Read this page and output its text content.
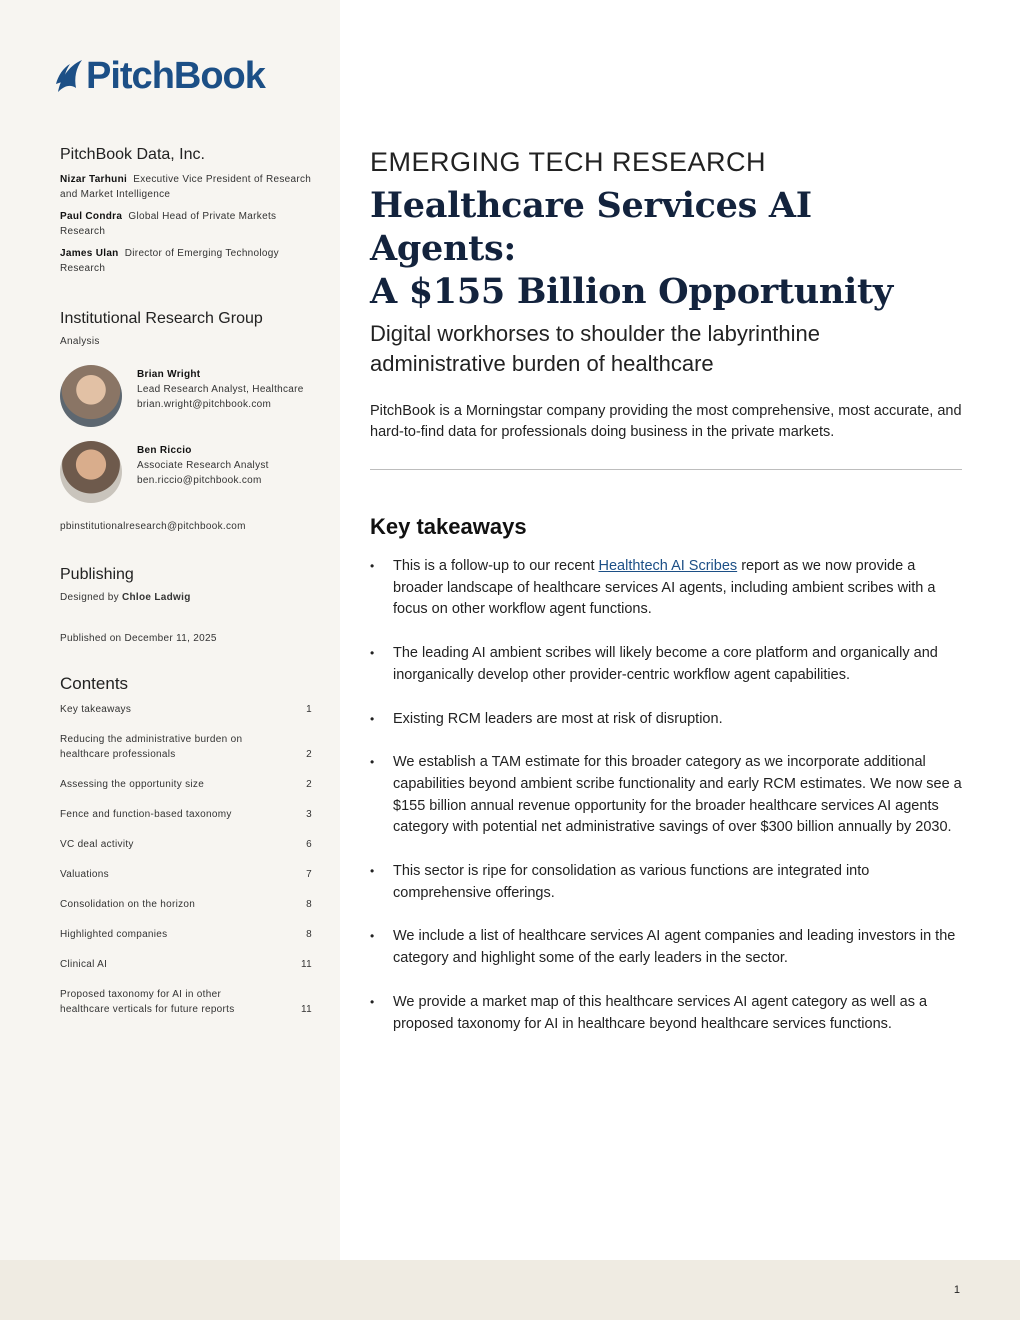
1
PitchBook
PitchBook Data, Inc.
Nizar Tarhuni Executive Vice President of Research and Market Intelligence
Paul Condra Global Head of Private Markets Research
James Ulan Director of Emerging Technology Research
Institutional Research Group
Analysis
Brian Wright
Lead Research Analyst, Healthcare
brian.wright@pitchbook.com
Ben Riccio
Associate Research Analyst
ben.riccio@pitchbook.com
pbinstitutionalresearch@pitchbook.com
Publishing
Designed by Chloe Ladwig
Published on December 11, 2025
Contents
Key takeaways	1
Reducing the administrative burden on healthcare professionals	2
Assessing the opportunity size	2
Fence and function-based taxonomy	3
VC deal activity	6
Valuations	7
Consolidation on the horizon	8
Highlighted companies	8
Clinical AI	11
Proposed taxonomy for AI in other healthcare verticals for future reports	11
EMERGING TECH RESEARCH
Healthcare Services AI Agents:
A $155 Billion Opportunity
Digital workhorses to shoulder the labyrinthine
administrative burden of healthcare

PitchBook is a Morningstar company providing the most comprehensive, most accurate, and hard-to-find data for professionals doing business in the private markets.

Key takeaways
• This is a follow-up to our recent Healthtech AI Scribes report as we now provide a broader landscape of healthcare services AI agents, including ambient scribes with a focus on other workflow agent functions.
• The leading AI ambient scribes will likely become a core platform and organically and inorganically develop other provider-centric workflow agent capabilities.
• Existing RCM leaders are most at risk of disruption.
• We establish a TAM estimate for this broader category as we incorporate additional capabilities beyond ambient scribe functionality and early RCM estimates. We now see a $155 billion annual revenue opportunity for the broader healthcare services AI agents category with potential net administrative savings of over $300 billion annually by 2030.
• This sector is ripe for consolidation as various functions are integrated into comprehensive offerings.
• We include a list of healthcare services AI agent companies and leading investors in the category and highlight some of the early leaders in the sector.
• We provide a market map of this healthcare services AI agent category as well as a proposed taxonomy for AI in healthcare beyond healthcare services functions.
